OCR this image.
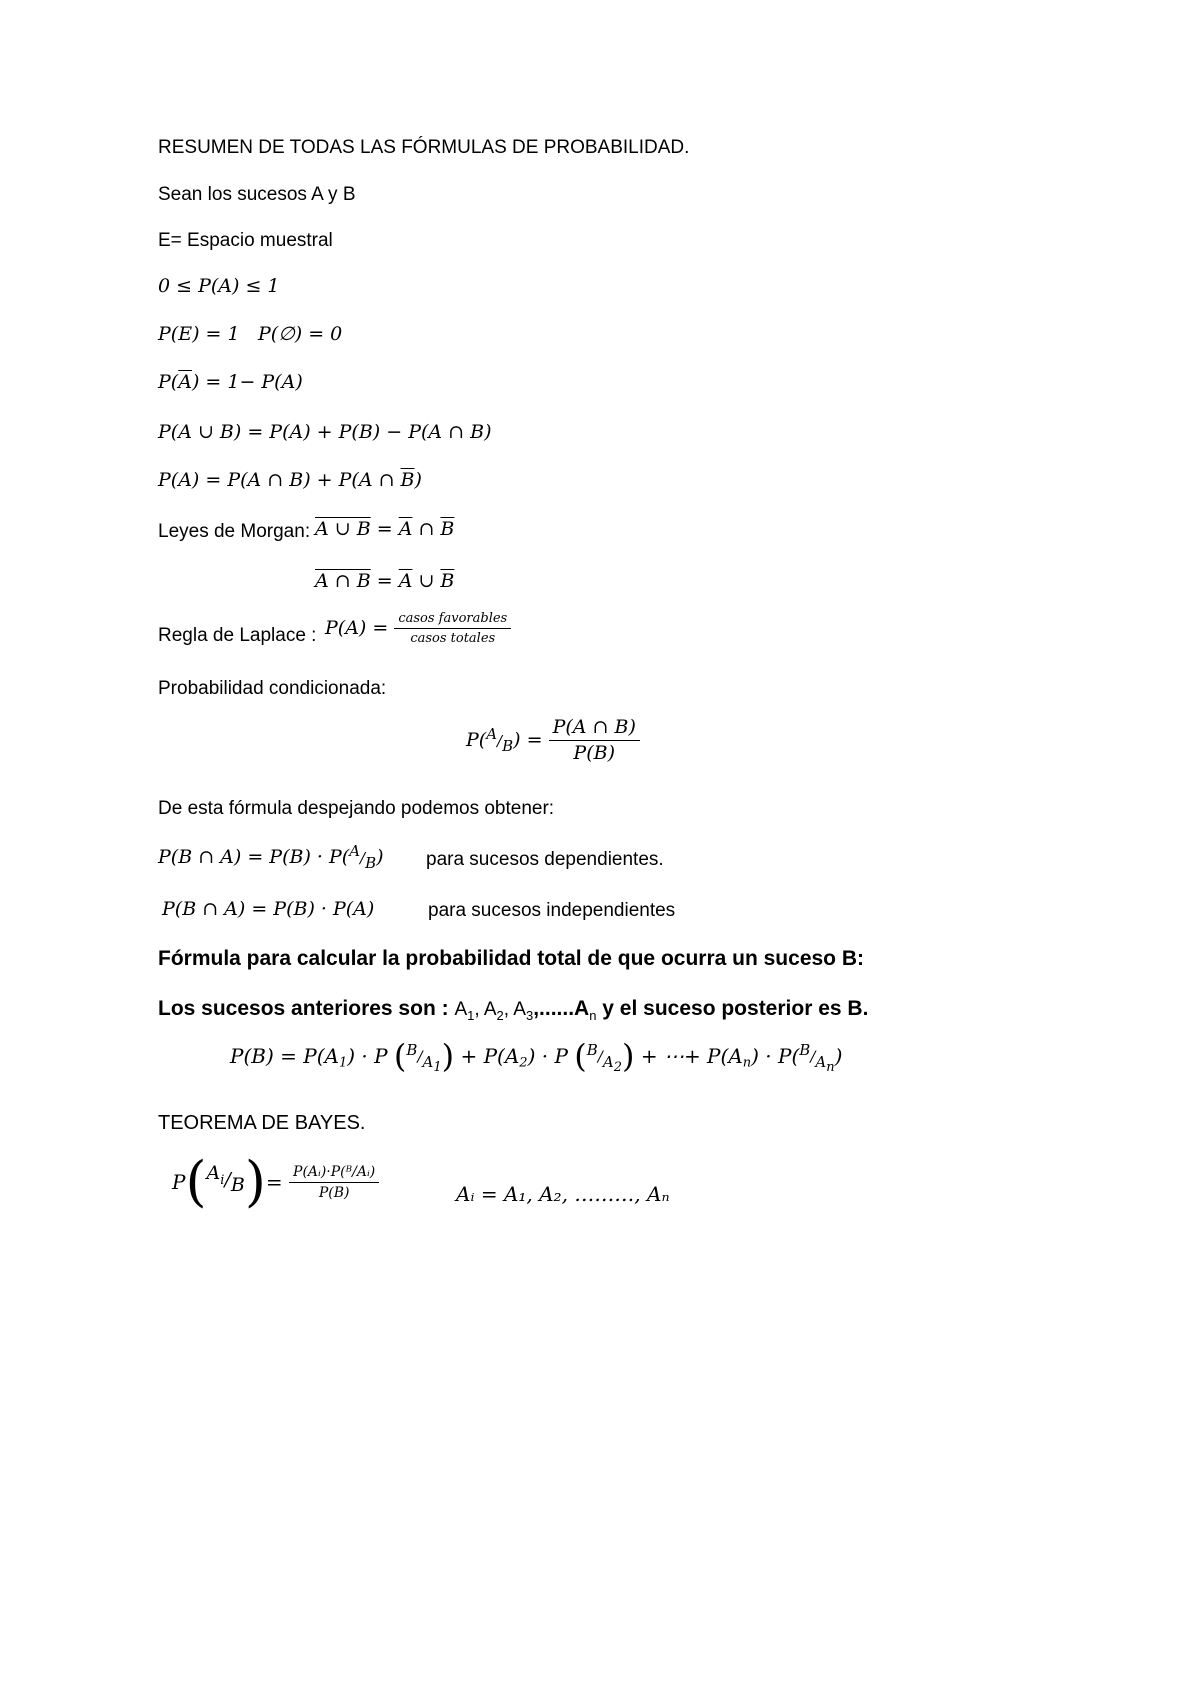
RESUMEN DE TODAS LAS FÓRMULAS DE PROBABILIDAD.
Sean los sucesos A y B
E= Espacio muestral
0 ≤ P(A) ≤ 1
P(E) = 1 P(∅) = 0
$P(\overline{A}) = 1- P(A)$
P(A ∪ B) = P(A) + P(B) − P(A ∩ B)
P(A) = P(A ∩ B) + P(A ∩ $\overline{B}$)
Leyes de Morgan: A ∪ $B = \overline{A}$ ∩ $\overline{B}$
A ∩ $B = \overline{A}$ ∪ $\overline{B}$
Regla de Laplace : $P(A) = \frac{\text{casos favorables}}{\text{casos totales}}$
Probabilidad condicionada:
$P(A/B) = \frac{P(A \cap B)}{P(B)}$
De esta fórmula despejando podemos obtener:
P(B ∩ A) = P(B) · P(A/B) para sucesos dependientes.
P(B ∩ A) = P(B) · P(A)	para sucesos independientes
Fórmula para calcular la probabilidad total de que ocurra un suceso B:
Los sucesos anteriores son : $A_1$, $A_2$, $A_3,......A_n$ y el suceso posterior es B.
$P(B) = P(A_1) \cdot P$ $(B/A_1) + P(A_2) \cdot P$ $(B/A_2)$ + ⋯+ $P(A_n) \cdot P(B/A_n)$
TEOREMA DE BAYES.
$P(A_i/B)= \frac{\text{P(Aᵢ)·P(ᴮ/Aᵢ)}}{P(B)}$	Aᵢ = A₁, A₂, ………, Aₙ
